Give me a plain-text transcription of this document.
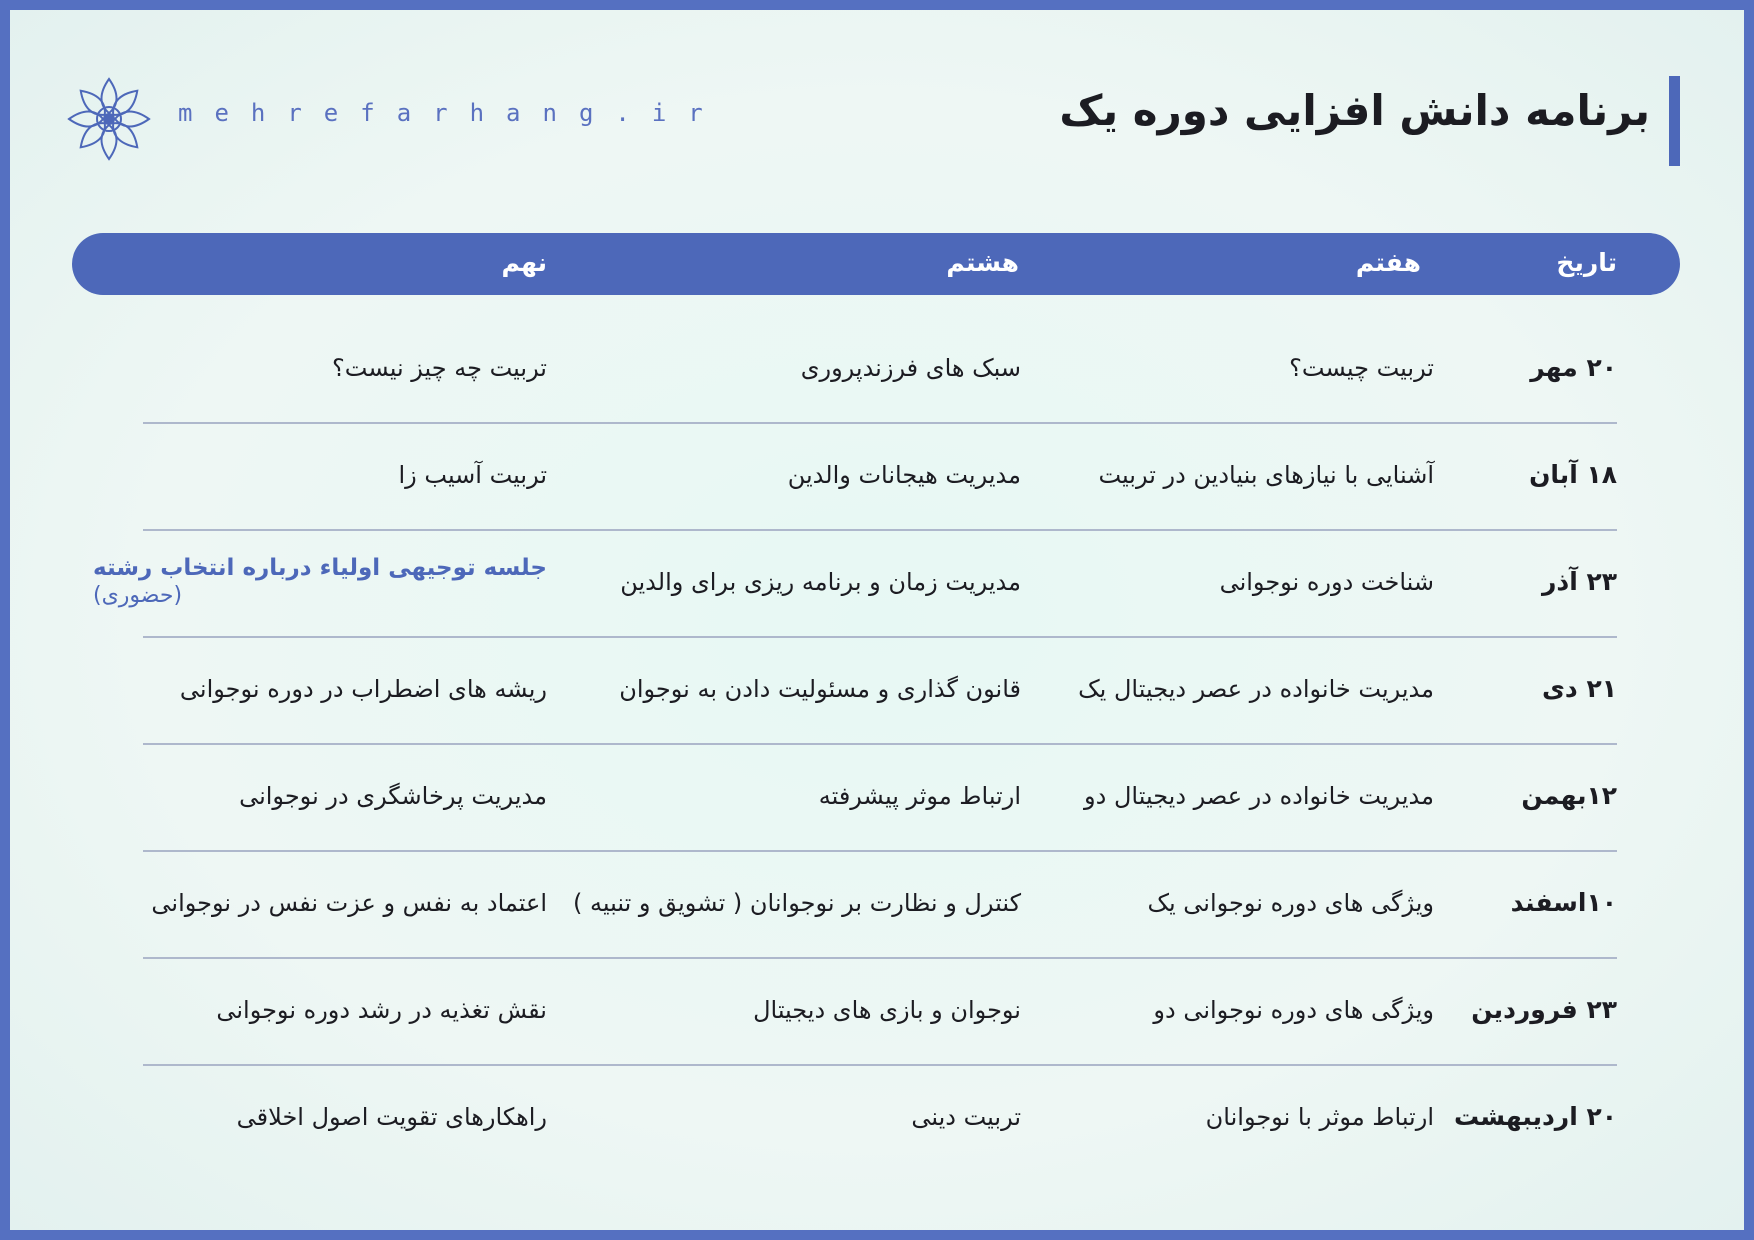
برنامه دانش افزایی دوره یک
mehrefarhang.ir
تاریخ
هفتم
هشتم
نهم
۲۰ مهر
تربیت چیست؟
سبک های فرزندپروری
تربیت چه چیز نیست؟
۱۸ آبان
آشنایی با نیازهای بنیادین در تربیت
مدیریت هیجانات والدین
تربیت آسیب زا
۲۳ آذر
شناخت دوره نوجوانی
مدیریت زمان و برنامه ریزی برای والدین
جلسه توجیهی اولیاء درباره انتخاب رشته
(حضوری)
۲۱ دی
مدیریت خانواده در عصر دیجیتال یک
قانون گذاری و مسئولیت دادن به نوجوان
ریشه های اضطراب در دوره نوجوانی
۱۲بهمن
مدیریت خانواده در عصر دیجیتال دو
ارتباط موثر پیشرفته
مدیریت پرخاشگری در نوجوانی
۱۰اسفند
ویژگی های دوره نوجوانی یک
کنترل و نظارت بر نوجوانان ( تشویق و تنبیه )
اعتماد به نفس و عزت نفس در نوجوانی
۲۳ فروردین
ویژگی های دوره نوجوانی دو
نوجوان و بازی های دیجیتال
نقش تغذیه در رشد دوره نوجوانی
۲۰ اردیبهشت
ارتباط موثر با نوجوانان
تربیت دینی
راهکارهای تقویت اصول اخلاقی
